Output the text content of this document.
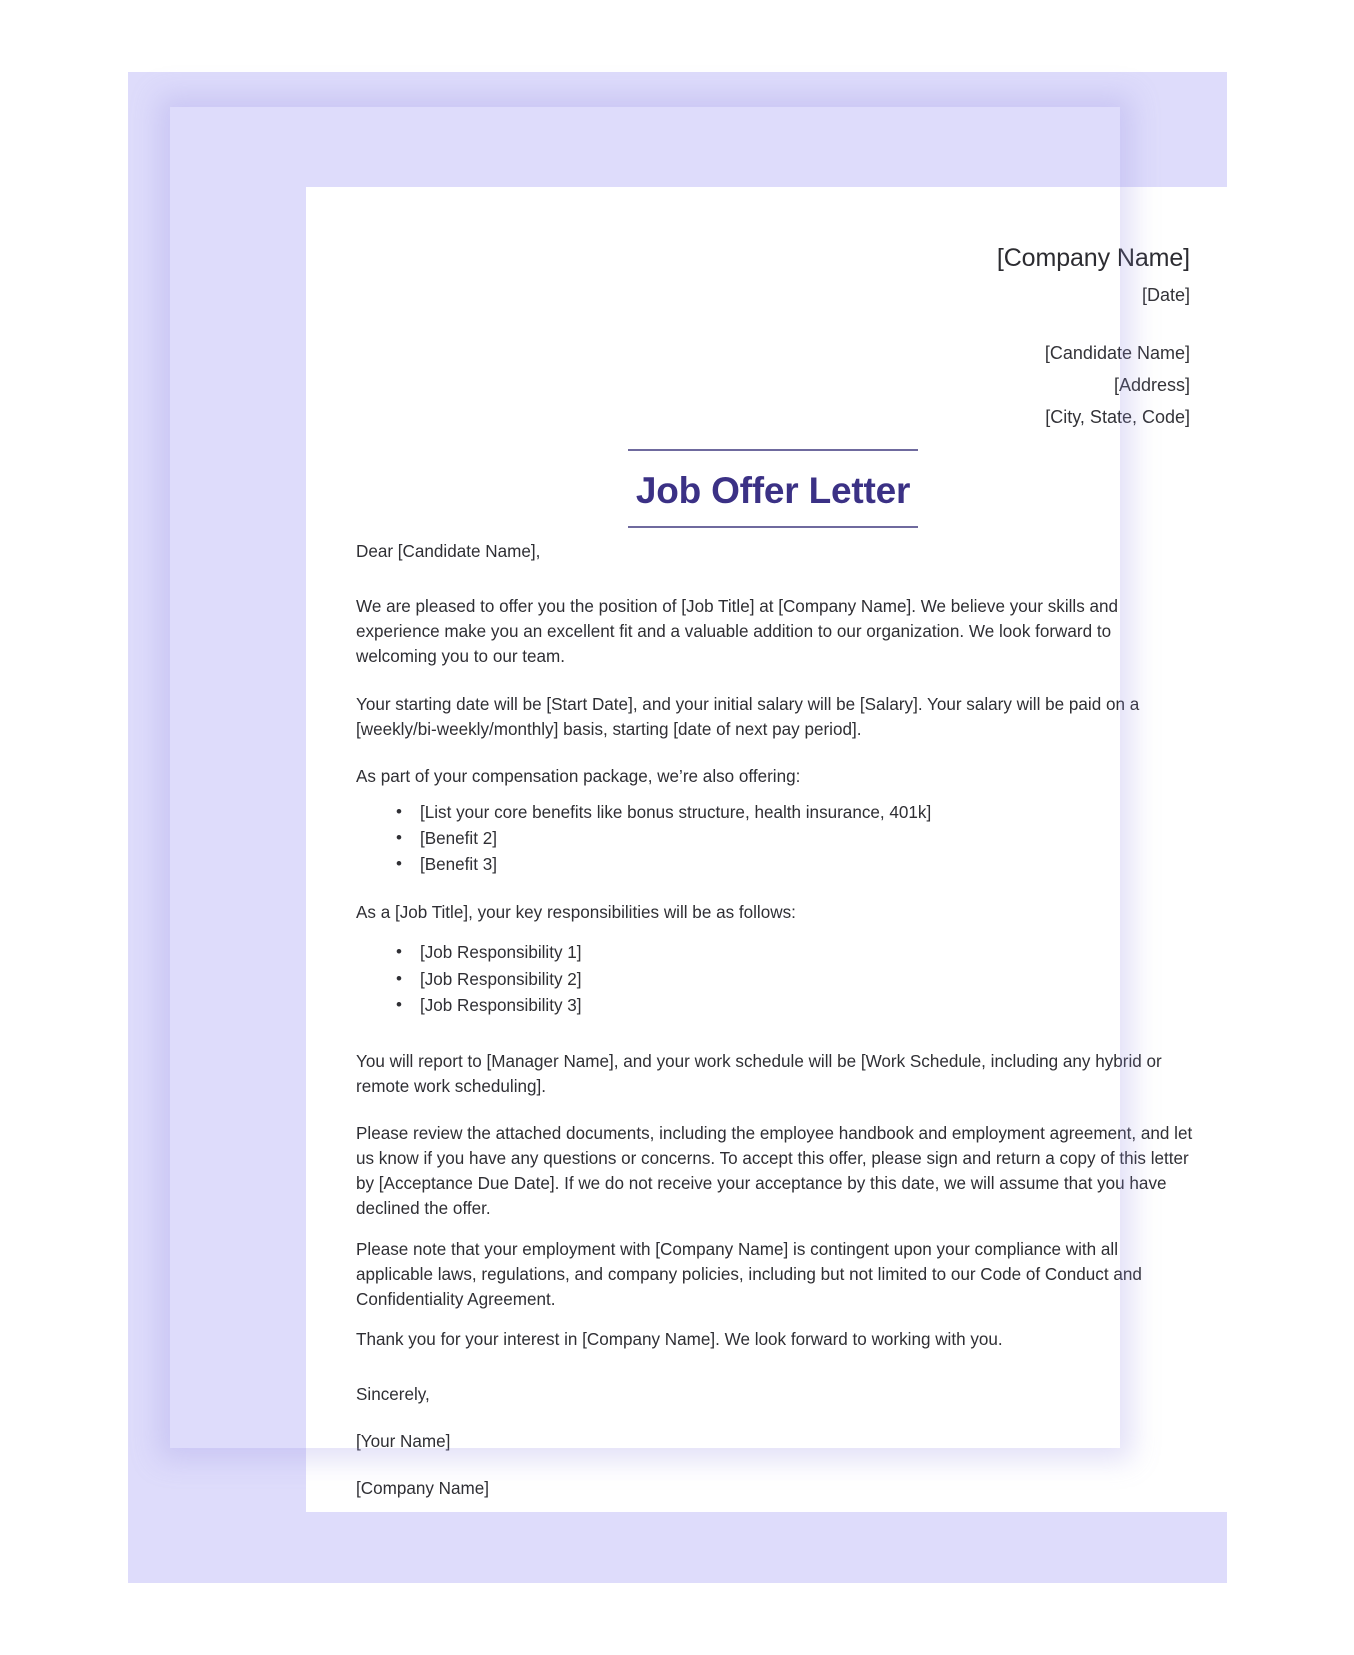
[Company Name]
[Date]
[Candidate Name]
[Address]
[City, State, Code]
Job Offer Letter

Dear [Candidate Name],

We are pleased to offer you the position of [Job Title] at [Company Name]. We believe your skills and experience make you an excellent fit and a valuable addition to our organization. We look forward to welcoming you to our team.

Your starting date will be [Start Date], and your initial salary will be [Salary]. Your salary will be paid on a [weekly/bi-weekly/monthly] basis, starting [date of next pay period].

As part of your compensation package, we’re also offering:

• [List your core benefits like bonus structure, health insurance, 401k]
• [Benefit 2]
• [Benefit 3]

As a [Job Title], your key responsibilities will be as follows:

• [Job Responsibility 1]
• [Job Responsibility 2]
• [Job Responsibility 3]

You will report to [Manager Name], and your work schedule will be [Work Schedule, including any hybrid or remote work scheduling].

Please review the attached documents, including the employee handbook and employment agreement, and let us know if you have any questions or concerns. To accept this offer, please sign and return a copy of this letter by [Acceptance Due Date]. If we do not receive your acceptance by this date, we will assume that you have declined the offer.

Please note that your employment with [Company Name] is contingent upon your compliance with all applicable laws, regulations, and company policies, including but not limited to our Code of Conduct and Confidentiality Agreement.

Thank you for your interest in [Company Name]. We look forward to working with you.

Sincerely,

[Your Name]

[Company Name]
